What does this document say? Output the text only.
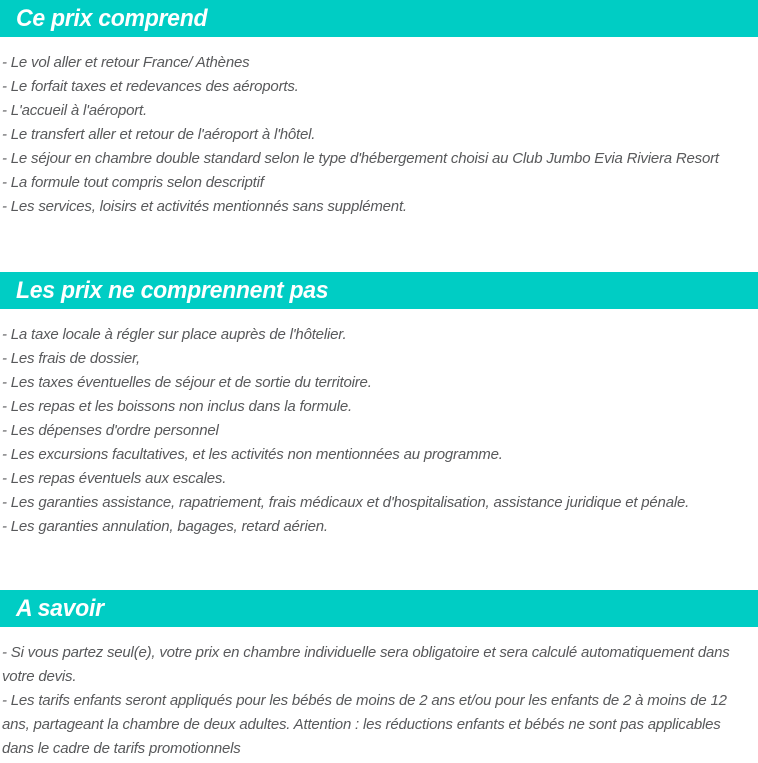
Ce prix comprend

- Le vol aller et retour France/ Athènes

- Le forfait taxes et redevances des aéroports.

- L'accueil à l'aéroport.

- Le transfert aller et retour de l'aéroport à l'hôtel.

- Le séjour en chambre double standard selon le type d'hébergement choisi au Club Jumbo Evia Riviera Resort

- La formule tout compris selon descriptif

- Les services, loisirs et activités mentionnés sans supplément.

Les prix ne comprennent pas

- La taxe locale à régler sur place auprès de l'hôtelier.

- Les frais de dossier,

- Les taxes éventuelles de séjour et de sortie du territoire.

- Les repas et les boissons non inclus dans la formule.

- Les dépenses d'ordre personnel

- Les excursions facultatives, et les activités non mentionnées au programme.

- Les repas éventuels aux escales.

- Les garanties assistance, rapatriement, frais médicaux et d'hospitalisation, assistance juridique et pénale.

- Les garanties annulation, bagages, retard aérien.

A savoir

- Si vous partez seul(e), votre prix en chambre individuelle sera obligatoire et sera calculé automatiquement dans votre devis.

- Les tarifs enfants seront appliqués pour les bébés de moins de 2 ans et/ou pour les enfants de 2 à moins de 12 ans, partageant la chambre de deux adultes. Attention : les réductions enfants et bébés ne sont pas applicables dans le cadre de tarifs promotionnels
